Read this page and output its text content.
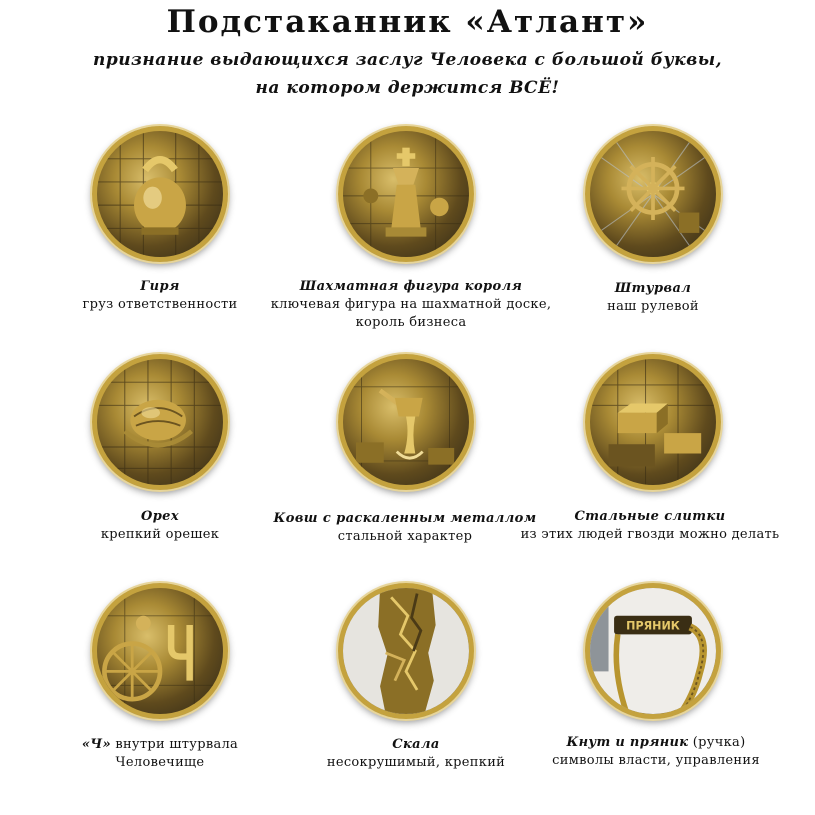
Подстаканник «Атлант»

признание выдающихся заслуг Человека с большой буквы,

на котором держится ВСЁ!

Гиря
груз ответственности
Шахматная фигура короля
ключевая фигура на шахматной доске,
король бизнеса
Штурвал
наш рулевой
Орех
крепкий орешек
Ковш с раскаленным металлом
стальной характер
Стальные слитки
из этих людей гвозди можно делать
ПРЯНИК
«Ч» внутри штурвала
Человечище
Скала
несокрушимый, крепкий
Кнут и пряник (ручка)
символы власти, управления
